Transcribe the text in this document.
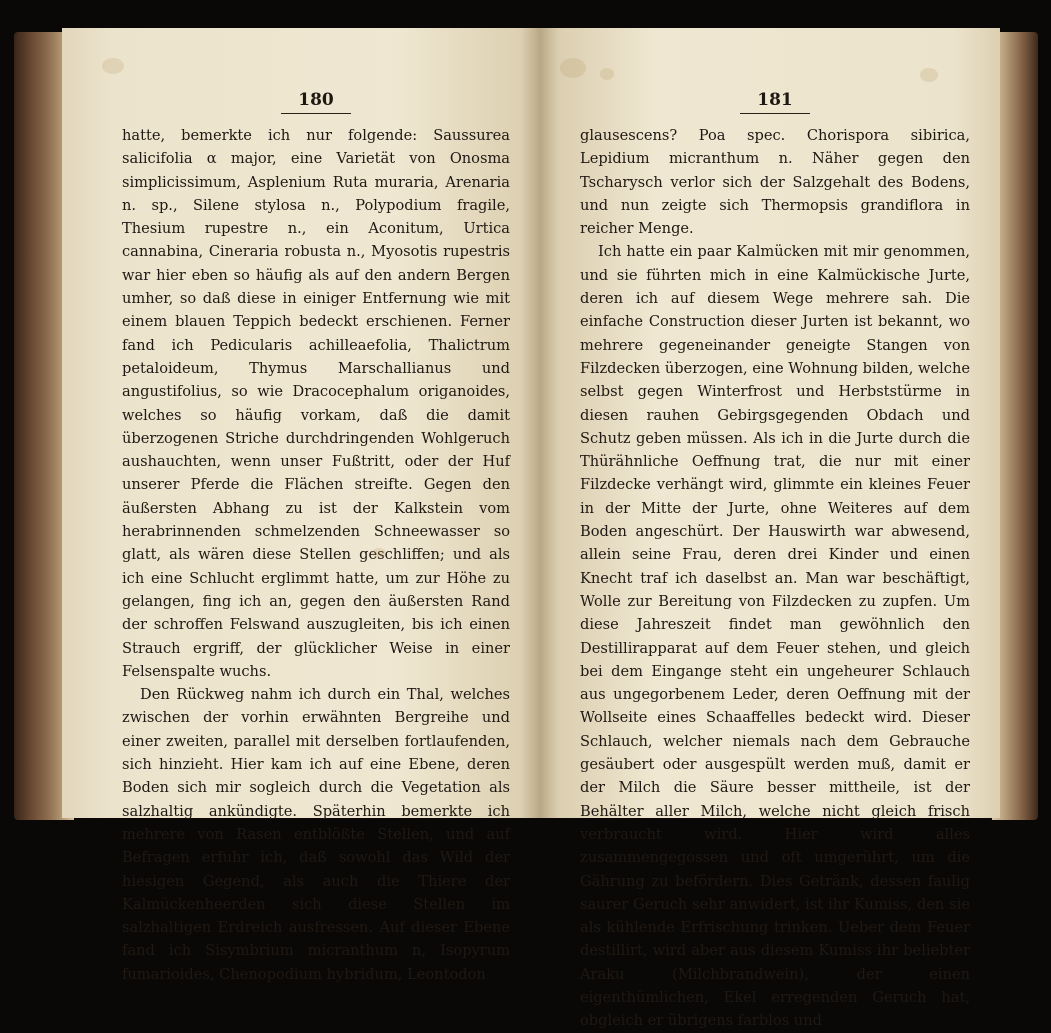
180

hatte, bemerkte ich nur folgende: Saussurea salicifolia α major, eine Varietät von Onosma simplicissimum, Asplenium Ruta muraria, Arenaria n. sp., Silene stylosa n., Polypodium fragile, Thesium rupestre n., ein Aconitum, Urtica cannabina, Cineraria robusta n., Myosotis rupestris war hier eben so häufig als auf den andern Bergen umher, so daß diese in einiger Entfernung wie mit einem blauen Teppich bedeckt erschienen. Ferner fand ich Pedicularis achilleaefolia, Thalictrum petaloideum, Thymus Marschallianus und angustifolius, so wie Dracocephalum origanoides, welches so häufig vorkam, daß die damit überzogenen Striche durchdringenden Wohlgeruch aushauchten, wenn unser Fußtritt, oder der Huf unserer Pferde die Flächen streifte. Gegen den äußersten Abhang zu ist der Kalkstein vom herabrinnenden schmelzenden Schneewasser so glatt, als wären diese Stellen geschliffen; und als ich eine Schlucht erglimmt hatte, um zur Höhe zu gelangen, fing ich an, gegen den äußersten Rand der schroffen Felswand auszugleiten, bis ich einen Strauch ergriff, der glücklicher Weise in einer Felsenspalte wuchs.

Den Rückweg nahm ich durch ein Thal, welches zwischen der vorhin erwähnten Bergreihe und einer zweiten, parallel mit derselben fortlaufenden, sich hinzieht. Hier kam ich auf eine Ebene, deren Boden sich mir sogleich durch die Vegetation als salzhaltig ankündigte. Späterhin bemerkte ich mehrere von Rasen entblößte Stellen, und auf Befragen erfuhr ich, daß sowohl das Wild der hiesigen Gegend, als auch die Thiere der Kalmückenheerden sich diese Stellen im salzhaltigen Erdreich ausfressen. Auf dieser Ebene fand ich Sisymbrium micranthum n, Isopyrum fumarioides, Chenopodium hybridum, Leontodon

181

glausescens? Poa spec. Chorispora sibirica, Lepidium micranthum n. Näher gegen den Tscharysch verlor sich der Salzgehalt des Bodens, und nun zeigte sich Thermopsis grandiflora in reicher Menge.

Ich hatte ein paar Kalmücken mit mir genommen, und sie führten mich in eine Kalmückische Jurte, deren ich auf diesem Wege mehrere sah. Die einfache Construction dieser Jurten ist bekannt, wo mehrere gegeneinander geneigte Stangen von Filzdecken überzogen, eine Wohnung bilden, welche selbst gegen Winterfrost und Herbststürme in diesen rauhen Gebirgsgegenden Obdach und Schutz geben müssen. Als ich in die Jurte durch die Thürähnliche Oeffnung trat, die nur mit einer Filzdecke verhängt wird, glimmte ein kleines Feuer in der Mitte der Jurte, ohne Weiteres auf dem Boden angeschürt. Der Hauswirth war abwesend, allein seine Frau, deren drei Kinder und einen Knecht traf ich daselbst an. Man war beschäftigt, Wolle zur Bereitung von Filzdecken zu zupfen. Um diese Jahreszeit findet man gewöhnlich den Destillirapparat auf dem Feuer stehen, und gleich bei dem Eingange steht ein ungeheurer Schlauch aus ungegorbenem Leder, deren Oeffnung mit der Wollseite eines Schaaffelles bedeckt wird. Dieser Schlauch, welcher niemals nach dem Gebrauche gesäubert oder ausgespült werden muß, damit er der Milch die Säure besser mittheile, ist der Behälter aller Milch, welche nicht gleich frisch verbraucht wird. Hier wird alles zusammengegossen und oft umgerührt, um die Gährung zu befördern. Dies Getränk, dessen faulig saurer Geruch sehr anwidert, ist ihr Kumiss, den sie als kühlende Erfrischung trinken. Ueber dem Feuer destillirt, wird aber aus diesem Kumiss ihr beliebter Araku (Milchbrandwein), der einen eigenthümlichen, Ekel erregenden Geruch hat, obgleich er übrigens farblos und
